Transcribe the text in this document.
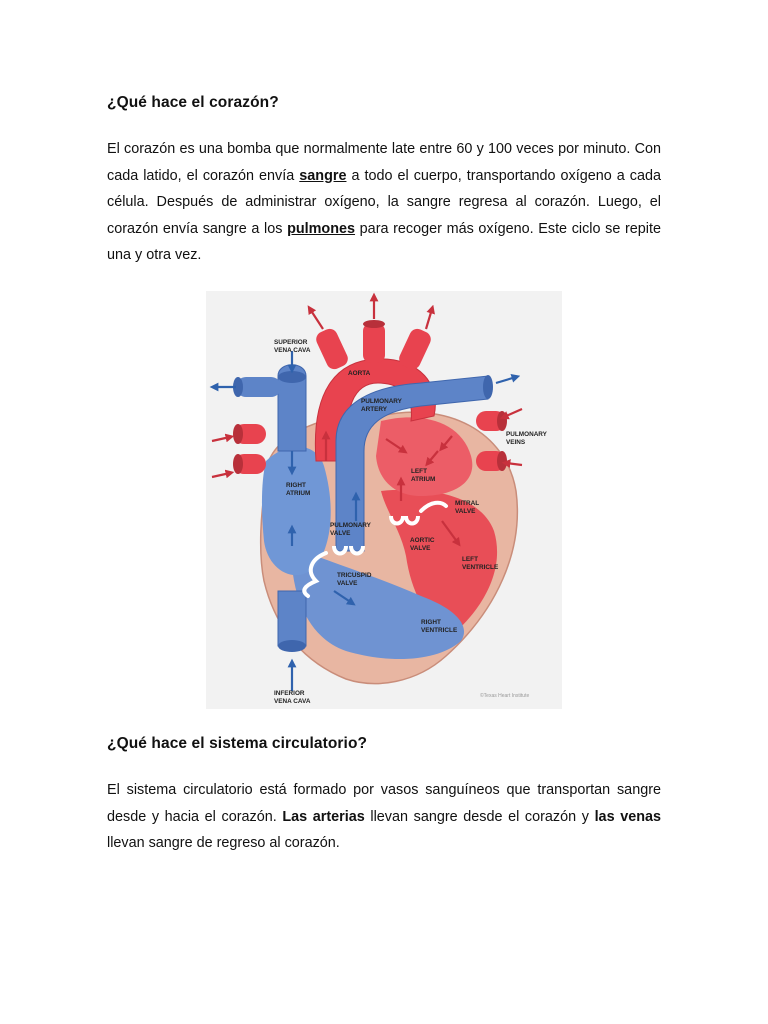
¿Qué hace el corazón?

El corazón es una bomba que normalmente late entre 60 y 100 veces por minuto. Con cada latido, el corazón envía sangre a todo el cuerpo, transportando oxígeno a cada célula. Después de administrar oxígeno, la sangre regresa al corazón. Luego, el corazón envía sangre a los pulmones para recoger más oxígeno. Este ciclo se repite una y otra vez.

SUPERIOR
VENA CAVA
AORTA
PULMONARY
ARTERY
PULMONARY
VEINS
RIGHT
ATRIUM
LEFT
ATRIUM
MITRAL
VALVE
PULMONARY
VALVE
AORTIC
VALVE
LEFT
VENTRICLE
TRICUSPID
VALVE
RIGHT
VENTRICLE
INFERIOR
VENA CAVA
©Texas Heart Institute
¿Qué hace el sistema circulatorio?

El sistema circulatorio está formado por vasos sanguíneos que transportan sangre desde y hacia el corazón. Las arterias llevan sangre desde el corazón y las venas llevan sangre de regreso al corazón.
